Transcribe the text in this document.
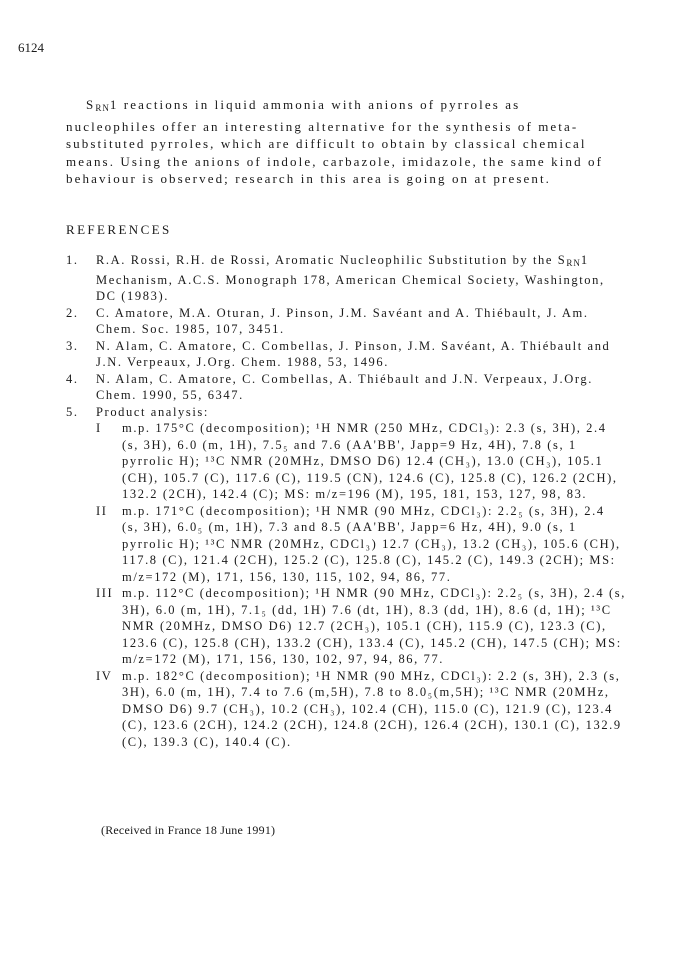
6124

$S_{RN}1$ reactions in liquid ammonia with anions of pyrroles as nucleophiles offer an interesting alternative for the synthesis of meta-substituted pyrroles, which are difficult to obtain by classical chemical means. Using the anions of indole, carbazole, imidazole, the same kind of behaviour is observed; research in this area is going on at present.

REFERENCES
1. R.A. Rossi, R.H. de Rossi, Aromatic Nucleophilic Substitution by the $S_{RN}1$ Mechanism, A.C.S. Monograph 178, American Chemical Society, Washington, DC (1983).
2. C. Amatore, M.A. Oturan, J. Pinson, J.M. Savéant and A. Thiébault, J. Am. Chem. Soc. 1985, 107, 3451.
3. N. Alam, C. Amatore, C. Combellas, J. Pinson, J.M. Savéant, A. Thiébault and J.N. Verpeaux, J.Org. Chem. 1988, 53, 1496.
4. N. Alam, C. Amatore, C. Combellas, A. Thiébault and J.N. Verpeaux, J.Org. Chem. 1990, 55, 6347.
5. Product analysis:
I m.p. 175°C (decomposition); ¹H NMR (250 MHz, CDCl₃): 2.3 (s, 3H), 2.4 (s, 3H), 6.0 (m, 1H), 7.5₅ and 7.6 (AA'BB', Japp=9 Hz, 4H), 7.8 (s, 1 pyrrolic H); ¹³C NMR (20MHz, DMSO D6) 12.4 (CH₃), 13.0 (CH₃), 105.1 (CH), 105.7 (C), 117.6 (C), 119.5 (CN), 124.6 (C), 125.8 (C), 126.2 (2CH), 132.2 (2CH), 142.4 (C); MS: m/z=196 (M), 195, 181, 153, 127, 98, 83.
II m.p. 171°C (decomposition); ¹H NMR (90 MHz, CDCl₃): 2.2₅ (s, 3H), 2.4 (s, 3H), 6.0₅ (m, 1H), 7.3 and 8.5 (AA'BB', Japp=6 Hz, 4H), 9.0 (s, 1 pyrrolic H); ¹³C NMR (20MHz, CDCl₃) 12.7 (CH₃), 13.2 (CH₃), 105.6 (CH), 117.8 (C), 121.4 (2CH), 125.2 (C), 125.8 (C), 145.2 (C), 149.3 (2CH); MS: m/z=172 (M), 171, 156, 130, 115, 102, 94, 86, 77.
III m.p. 112°C (decomposition); ¹H NMR (90 MHz, CDCl₃): 2.2₅ (s, 3H), 2.4 (s, 3H), 6.0 (m, 1H), 7.1₅ (dd, 1H) 7.6 (dt, 1H), 8.3 (dd, 1H), 8.6 (d, 1H); ¹³C NMR (20MHz, DMSO D6) 12.7 (2CH₃), 105.1 (CH), 115.9 (C), 123.3 (C), 123.6 (C), 125.8 (CH), 133.2 (CH), 133.4 (C), 145.2 (CH), 147.5 (CH); MS: m/z=172 (M), 171, 156, 130, 102, 97, 94, 86, 77.
IV m.p. 182°C (decomposition); ¹H NMR (90 MHz, CDCl₃): 2.2 (s, 3H), 2.3 (s, 3H), 6.0 (m, 1H), 7.4 to 7.6 (m,5H), 7.8 to 8.0₅(m,5H); ¹³C NMR (20MHz, DMSO D6) 9.7 (CH₃), 10.2 (CH₃), 102.4 (CH), 115.0 (C), 121.9 (C), 123.4 (C), 123.6 (2CH), 124.2 (2CH), 124.8 (2CH), 126.4 (2CH), 130.1 (C), 132.9 (C), 139.3 (C), 140.4 (C).
(Received in France 18 June 1991)
